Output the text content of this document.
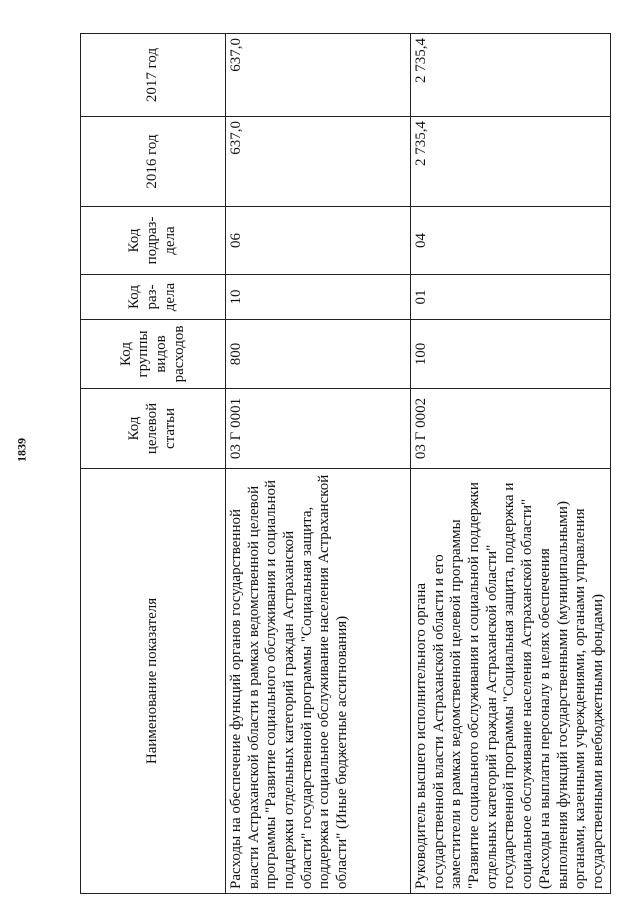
1839
Наименование показателя	Код целевой статьи	Код группы видов расходов	Код раз- дела	Код подраз- дела	2016 год	2017 год
Расходы на обеспечение функций органов государственной власти Астраханской области в рамках ведомственной целевой программы "Развитие социального обслуживания и социальной поддержки отдельных категорий граждан Астраханской области" государственной программы "Социальная защита, поддержка и социальное обслуживание населения Астраханской области" (Иные бюджетные ассигнования)	03 Г 0001	800	10	06	637,0	637,0
Руководитель высшего исполнительного органа государственной власти Астраханской области и его заместители в рамках ведомственной целевой программы "Развитие социального обслуживания и социальной поддержки отдельных категорий граждан Астраханской области" государственной программы "Социальная защита, поддержка и социальное обслуживание населения Астраханской области" (Расходы на выплаты персоналу в целях обеспечения выполнения функций государственными (муниципальными) органами, казенными учреждениями, органами управления государственными внебюджетными фондами)	03 Г 0002	100	01	04	2 735,4	2 735,4
